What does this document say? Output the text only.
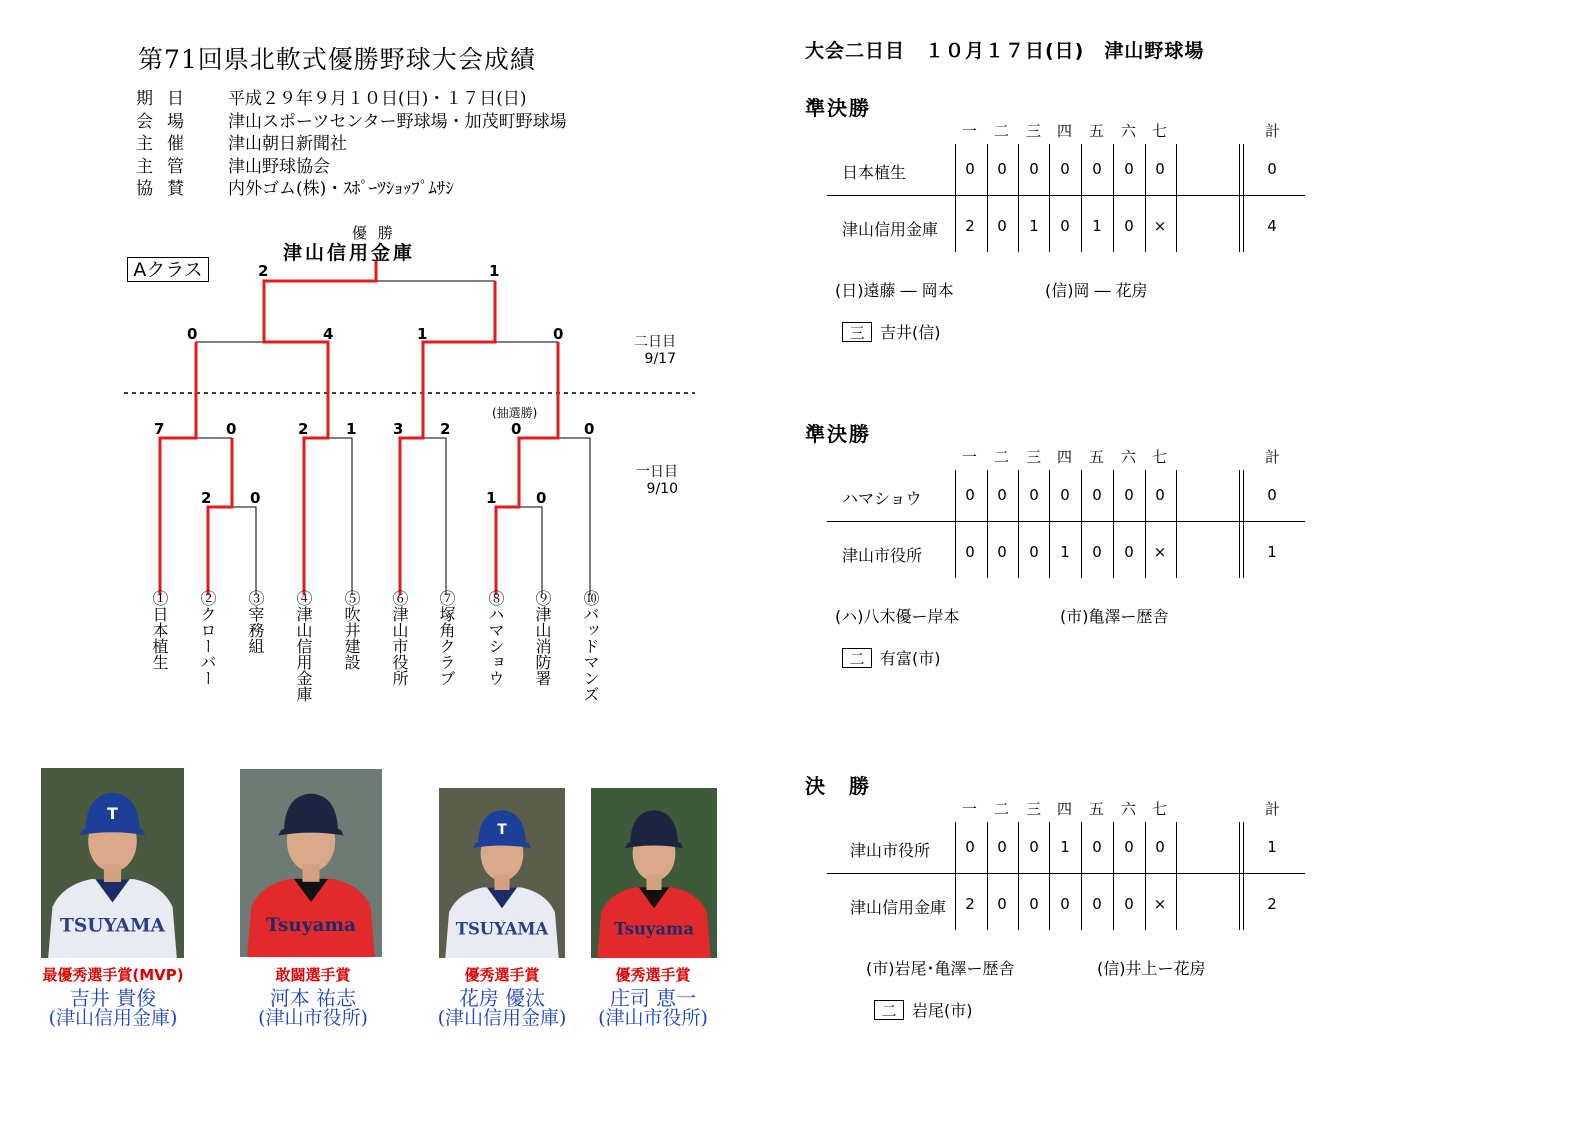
第71回県北軟式優勝野球大会成績
期日	平成２９年９月１０日(日)・１７日(日)
会場	津山スポーツセンター野球場・加茂町野球場
主催	津山朝日新聞社
主管	津山野球協会
協賛	内外ゴム(株)・ｽﾎﾟｰﾂｼｮｯﾌﾟﾑｻｼ
Aクラス
優 勝
津山信用金庫
2	1
0	4	1	0	二日目
9/17
一日目
9/10
(抽選勝)
7	0	2	1 3 2	0	0
2	0	1	0
①日本植生 ②クローバー ③宰務組 ④津山信用金庫 ⑤吹井建設 ⑥津山市役所 ⑦塚角クラブ ⑧ハマショウ ⑨津山消防署 ⑩バッドマンズ
大会二日目　１０月１７日(日)　津山野球場
準決勝
一 二 三 四 五 六 七	計
日本植生	0	0	0	0	0	0	0	0
津山信用金庫	2	0	1	0	1	0	×	4
(日)遠藤 ― 岡本	(信)岡 ― 花房
三 吉井(信)
準決勝
一 二 三 四 五 六 七	計
ハマショウ	0	0	0	0	0	0	0	0
津山市役所	0	0	0	1	0	0	×	1
(ハ)八木優ー岸本	(市)亀澤ー歴舎
二 有富(市)
決　勝
一 二 三 四 五 六 七	計
津山市役所	0	0	0	1	0	0	0	1
津山信用金庫	2	0	0	0	0	0	×	2
(市)岩尾･亀澤ー歴舎	(信)井上ー花房
二 岩尾(市)
TSUYAMA
T
最優秀選手賞(MVP)
吉井 貴俊
(津山信用金庫)
Tsuyama
敢闘選手賞
河本 祐志
(津山市役所)
TSUYAMA
T
優秀選手賞
花房 優汰
(津山信用金庫)
Tsuyama
優秀選手賞
庄司 恵一
(津山市役所)
